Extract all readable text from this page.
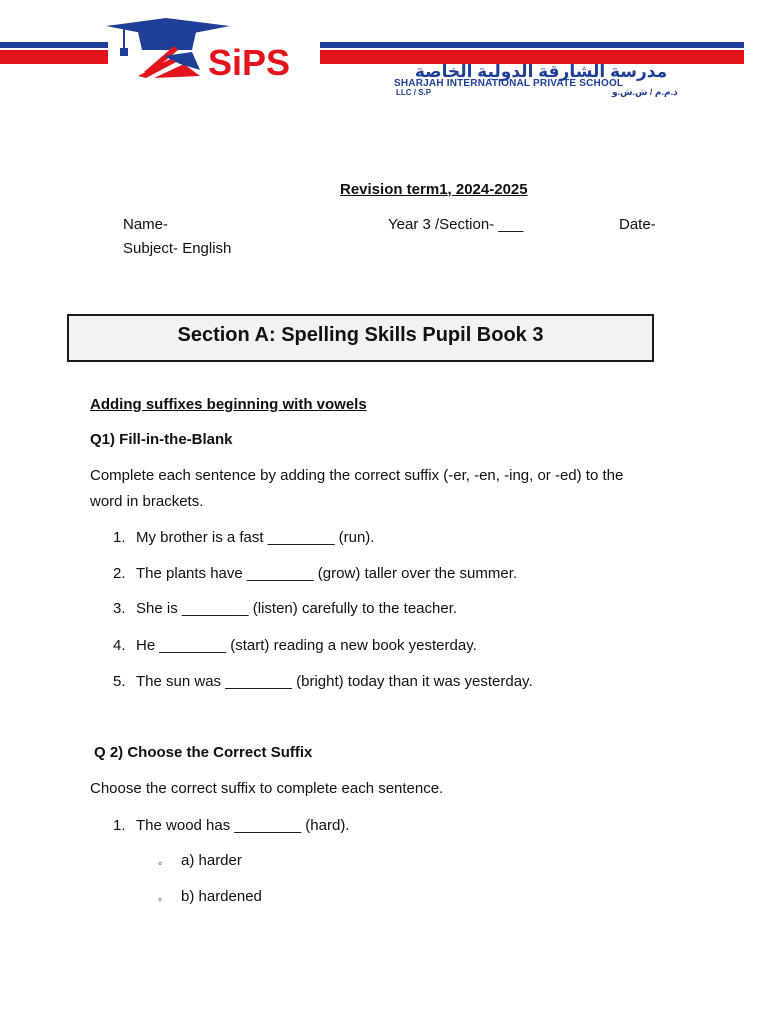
SiPS	مدرسة الشارقة الدولية الخاصة
SHARJAH INTERNATIONAL PRIVATE SCHOOL
LLC / S.P	ذ.م.م / ش.ش.و
Revision term1, 2024-2025
Name-	Year 3 /Section- ___	Date-
Subject- English
Section A: Spelling Skills Pupil Book 3
Adding suffixes beginning with vowels
Q1) Fill-in-the-Blank
Complete each sentence by adding the correct suffix (-er, -en, -ing, or -ed) to the
word in brackets.
1. My brother is a fast ________ (run).
2. The plants have ________ (grow) taller over the summer.
3. She is ________ (listen) carefully to the teacher.
4. He ________ (start) reading a new book yesterday.
5. The sun was ________ (bright) today than it was yesterday.
Q 2) Choose the Correct Suffix
Choose the correct suffix to complete each sentence.
1. The wood has ________ (hard).
◦ a) harder
◦ b) hardened
